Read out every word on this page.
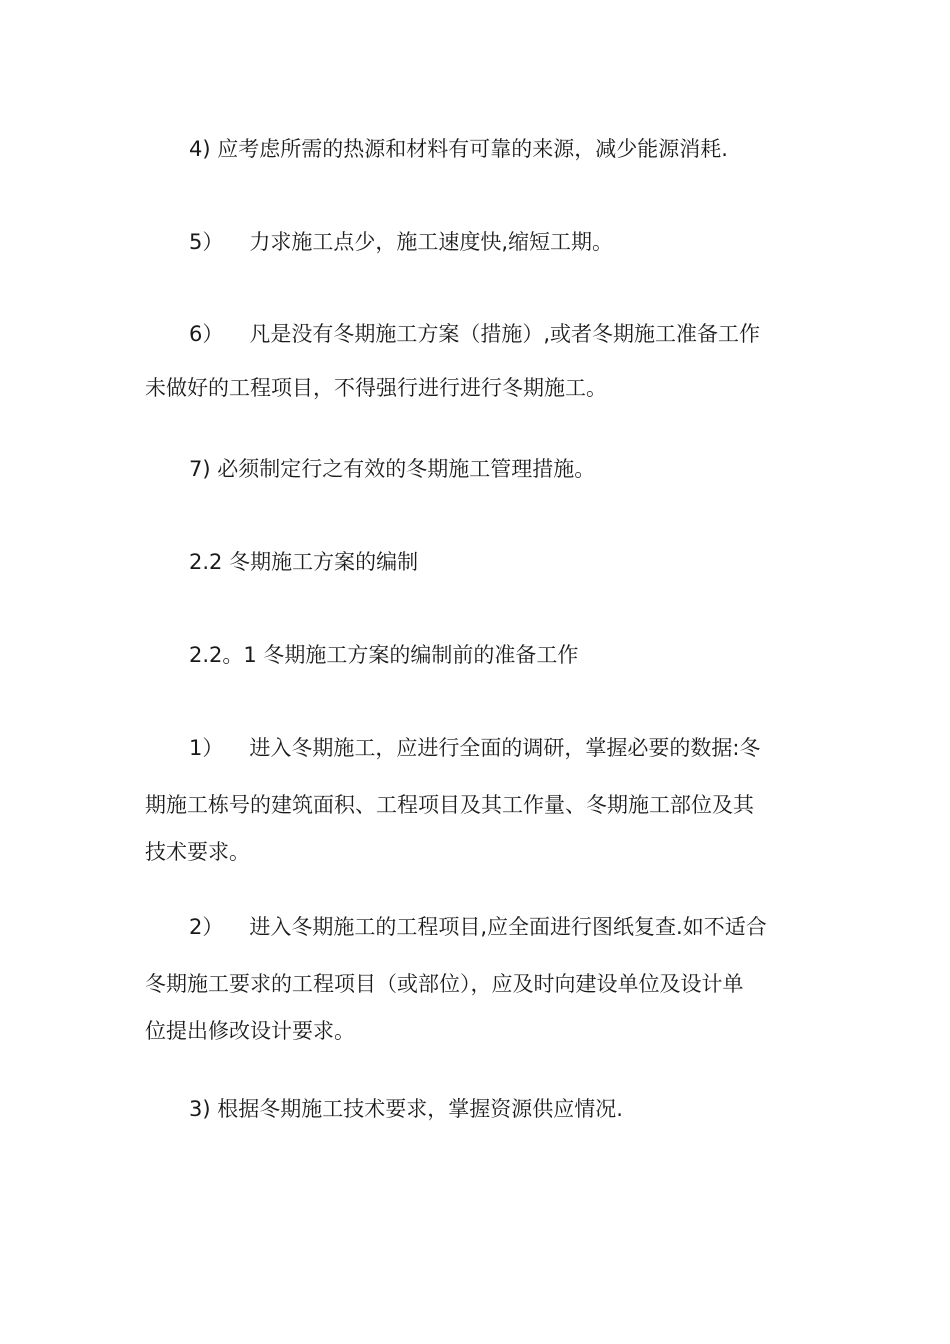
4) 应考虑所需的热源和材料有可靠的来源，减少能源消耗.

5） 力求施工点少，施工速度快,缩短工期。

6） 凡是没有冬期施工方案（措施）,或者冬期施工准备工作
未做好的工程项目，不得强行进行进行冬期施工。

7) 必须制定行之有效的冬期施工管理措施。

2.2 冬期施工方案的编制

2.2。1 冬期施工方案的编制前的准备工作

1） 进入冬期施工，应进行全面的调研，掌握必要的数据:冬
期施工栋号的建筑面积、工程项目及其工作量、冬期施工部位及其
技术要求。

2） 进入冬期施工的工程项目,应全面进行图纸复查.如不适合
冬期施工要求的工程项目（或部位），应及时向建设单位及设计单
位提出修改设计要求。

3) 根据冬期施工技术要求，掌握资源供应情况.
